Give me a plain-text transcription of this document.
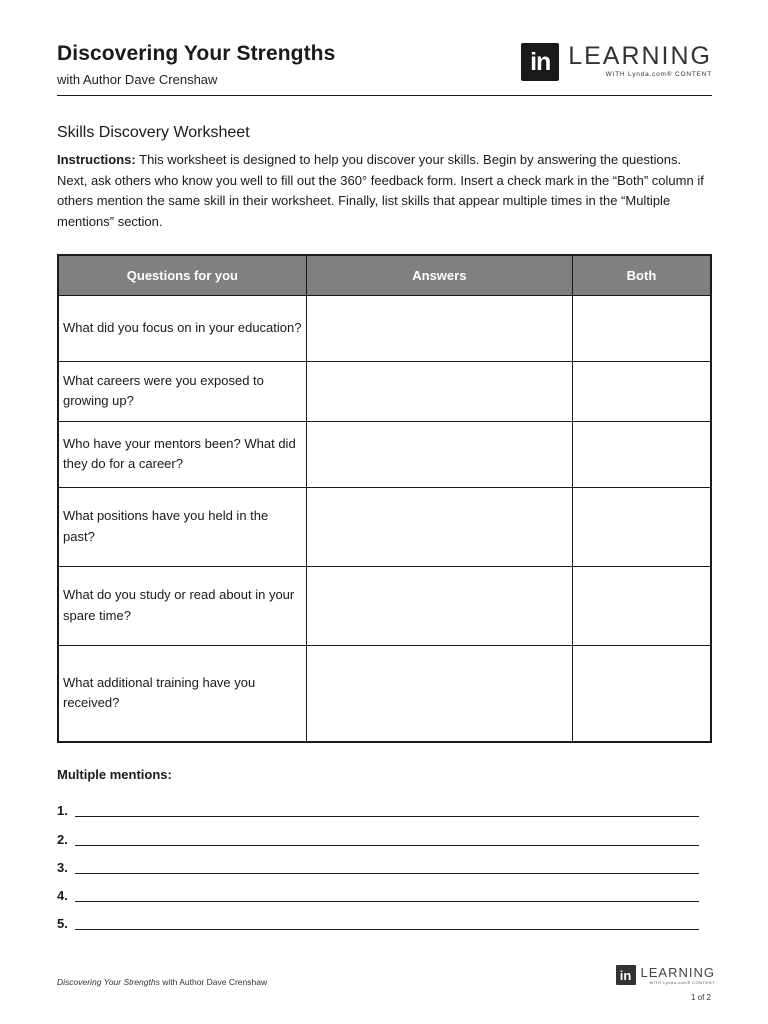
Discovering Your Strengths
with Author Dave Crenshaw
in LEARNING
WITH Lynda.com® CONTENT
Skills Discovery Worksheet
Instructions: This worksheet is designed to help you discover your skills. Begin by answering the questions. Next, ask others who know you well to fill out the 360° feedback form. Insert a check mark in the “Both” column if others mention the same skill in their worksheet. Finally, list skills that appear multiple times in the “Multiple mentions” section.
Questions for you	Answers	Both
What did you focus on in your education?		
What careers were you exposed to growing up?		
Who have your mentors been? What did they do for a career?		
What positions have you held in the past?		
What do you study or read about in your spare time?		
What additional training have you received?		
Multiple mentions:
1.
2.
3.
4.
5.
Discovering Your Strengths with Author Dave Crenshaw	in LEARNING
WITH Lynda.com® CONTENT
1 of 2
